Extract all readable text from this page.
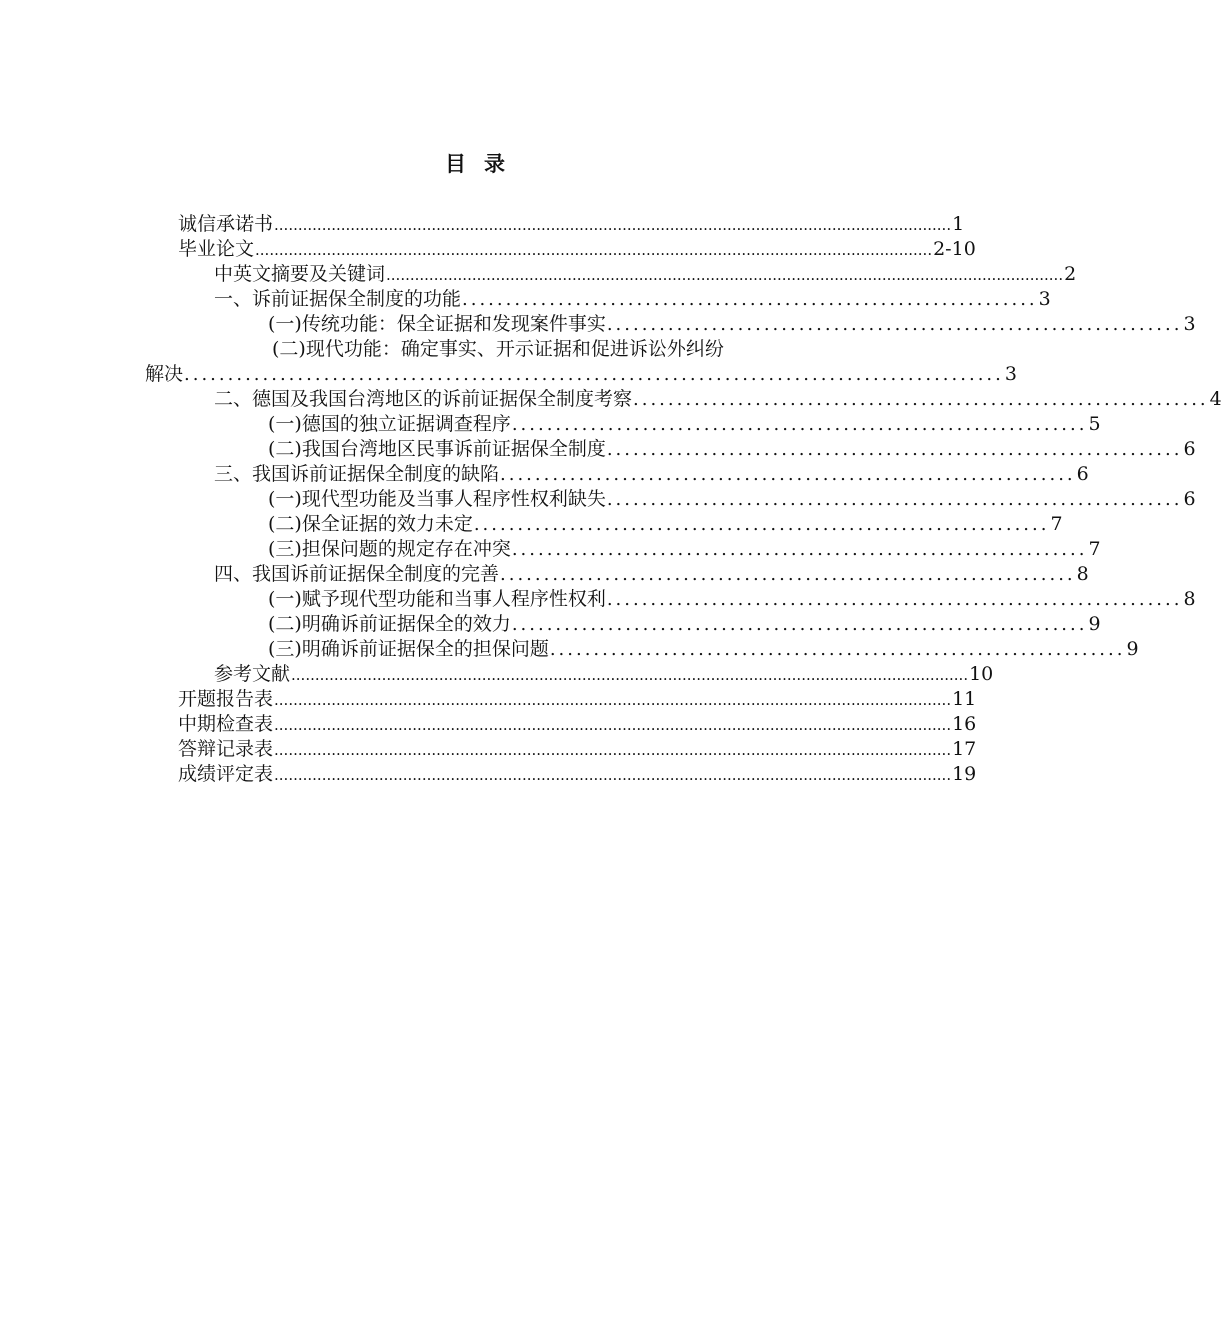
目录
诚信承诺书 .............................................................................................................................................. 1
毕业论文 .............................................................................................................................................. 2-10
中英文摘要及关键词 .............................................................................................................................................. 2
一、诉前证据保全制度的功能 .................................................................. 3
(一)传统功能：保全证据和发现案件事实 .................................................................. 3
(二)现代功能：确定事实、开示证据和促进诉讼外纠纷
解决 .............................................................................................. 3
二、德国及我国台湾地区的诉前证据保全制度考察 .................................................................. 4
(一)德国的独立证据调查程序 .................................................................. 5
(二)我国台湾地区民事诉前证据保全制度 .................................................................. 6
三、我国诉前证据保全制度的缺陷 .................................................................. 6
(一)现代型功能及当事人程序性权利缺失 .................................................................. 6
(二)保全证据的效力未定 .................................................................. 7
(三)担保问题的规定存在冲突 .................................................................. 7
四、我国诉前证据保全制度的完善 .................................................................. 8
(一)赋予现代型功能和当事人程序性权利 .................................................................. 8
(二)明确诉前证据保全的效力 .................................................................. 9
(三)明确诉前证据保全的担保问题 .................................................................. 9
参考文献 .............................................................................................................................................. 10
开题报告表 .............................................................................................................................................. 11
中期检查表 .............................................................................................................................................. 16
答辩记录表 .............................................................................................................................................. 17
成绩评定表 .............................................................................................................................................. 19
